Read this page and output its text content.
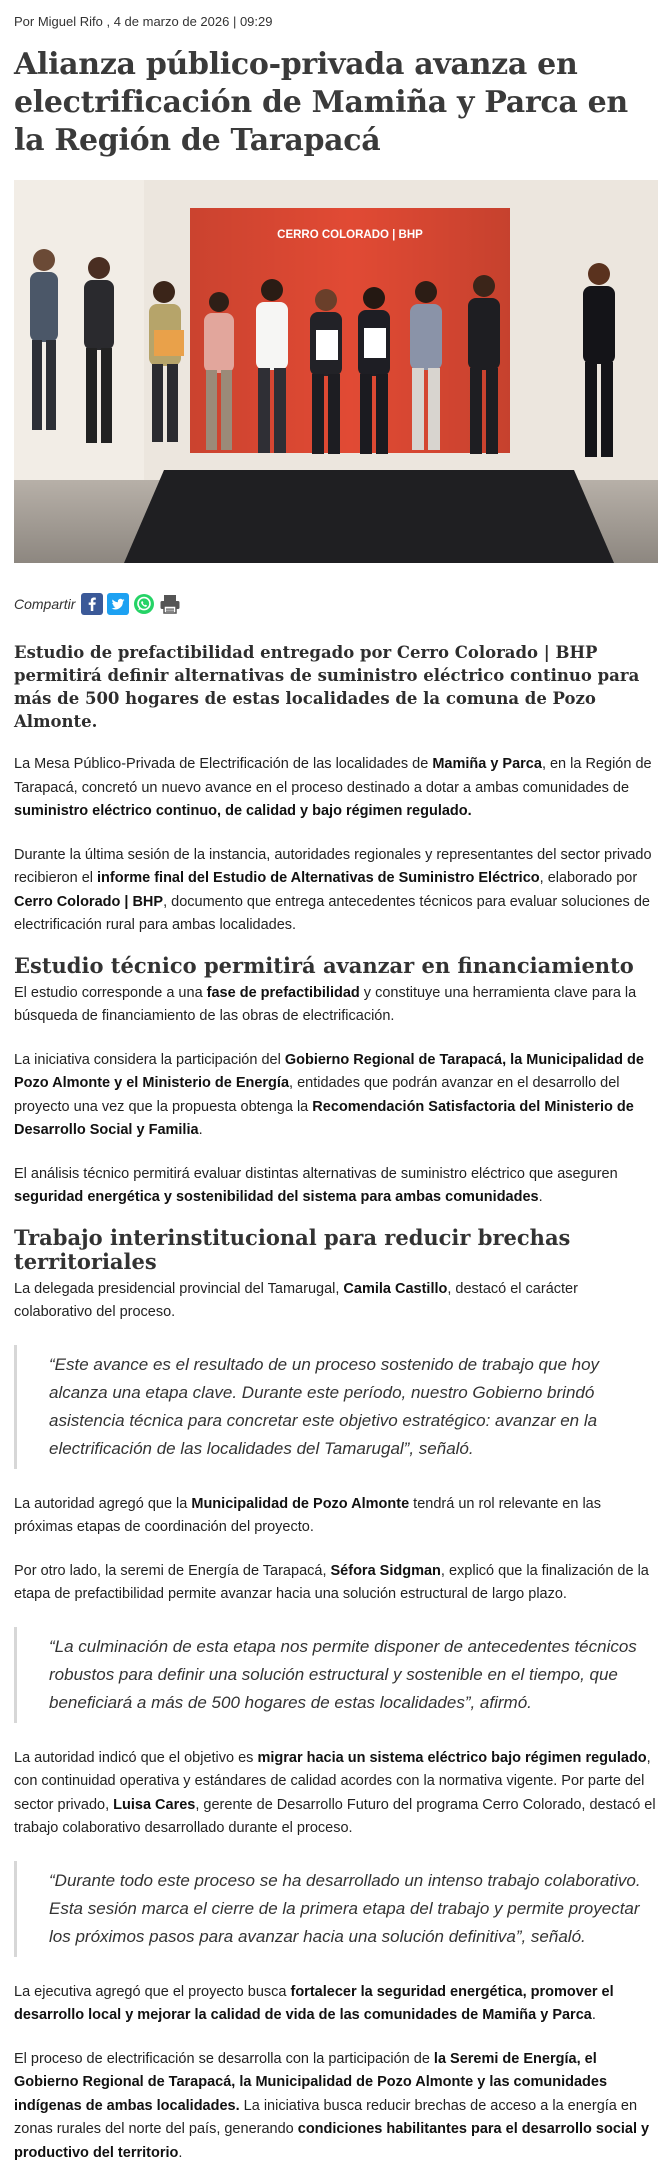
Por Miguel Rifo , 4 de marzo de 2026 | 09:29
Alianza público-privada avanza en electrificación de Mamiña y Parca en la Región de Tarapacá
CERRO COLORADO | BHP
Compartir
Estudio de prefactibilidad entregado por Cerro Colorado | BHP permitirá definir alternativas de suministro eléctrico continuo para más de 500 hogares de estas localidades de la comuna de Pozo Almonte.

La Mesa Público-Privada de Electrificación de las localidades de Mamiña y Parca, en la Región de Tarapacá, concretó un nuevo avance en el proceso destinado a dotar a ambas comunidades de suministro eléctrico continuo, de calidad y bajo régimen regulado.

Durante la última sesión de la instancia, autoridades regionales y representantes del sector privado recibieron el informe final del Estudio de Alternativas de Suministro Eléctrico, elaborado por Cerro Colorado | BHP, documento que entrega antecedentes técnicos para evaluar soluciones de electrificación rural para ambas localidades.

Estudio técnico permitirá avanzar en financiamiento

El estudio corresponde a una fase de prefactibilidad y constituye una herramienta clave para la búsqueda de financiamiento de las obras de electrificación.

La iniciativa considera la participación del Gobierno Regional de Tarapacá, la Municipalidad de Pozo Almonte y el Ministerio de Energía, entidades que podrán avanzar en el desarrollo del proyecto una vez que la propuesta obtenga la Recomendación Satisfactoria del Ministerio de Desarrollo Social y Familia.

El análisis técnico permitirá evaluar distintas alternativas de suministro eléctrico que aseguren seguridad energética y sostenibilidad del sistema para ambas comunidades.

Trabajo interinstitucional para reducir brechas territoriales

La delegada presidencial provincial del Tamarugal, Camila Castillo, destacó el carácter colaborativo del proceso.

“Este avance es el resultado de un proceso sostenido de trabajo que hoy alcanza una etapa clave. Durante este período, nuestro Gobierno brindó asistencia técnica para concretar este objetivo estratégico: avanzar en la electrificación de las localidades del Tamarugal”, señaló.

La autoridad agregó que la Municipalidad de Pozo Almonte tendrá un rol relevante en las próximas etapas de coordinación del proyecto.

Por otro lado, la seremi de Energía de Tarapacá, Séfora Sidgman, explicó que la finalización de la etapa de prefactibilidad permite avanzar hacia una solución estructural de largo plazo.

“La culminación de esta etapa nos permite disponer de antecedentes técnicos robustos para definir una solución estructural y sostenible en el tiempo, que beneficiará a más de 500 hogares de estas localidades”, afirmó.

La autoridad indicó que el objetivo es migrar hacia un sistema eléctrico bajo régimen regulado, con continuidad operativa y estándares de calidad acordes con la normativa vigente. Por parte del sector privado, Luisa Cares, gerente de Desarrollo Futuro del programa Cerro Colorado, destacó el trabajo colaborativo desarrollado durante el proceso.

“Durante todo este proceso se ha desarrollado un intenso trabajo colaborativo. Esta sesión marca el cierre de la primera etapa del trabajo y permite proyectar los próximos pasos para avanzar hacia una solución definitiva”, señaló.

La ejecutiva agregó que el proyecto busca fortalecer la seguridad energética, promover el desarrollo local y mejorar la calidad de vida de las comunidades de Mamiña y Parca.

El proceso de electrificación se desarrolla con la participación de la Seremi de Energía, el Gobierno Regional de Tarapacá, la Municipalidad de Pozo Almonte y las comunidades indígenas de ambas localidades. La iniciativa busca reducir brechas de acceso a la energía en zonas rurales del norte del país, generando condiciones habilitantes para el desarrollo social y productivo del territorio.
